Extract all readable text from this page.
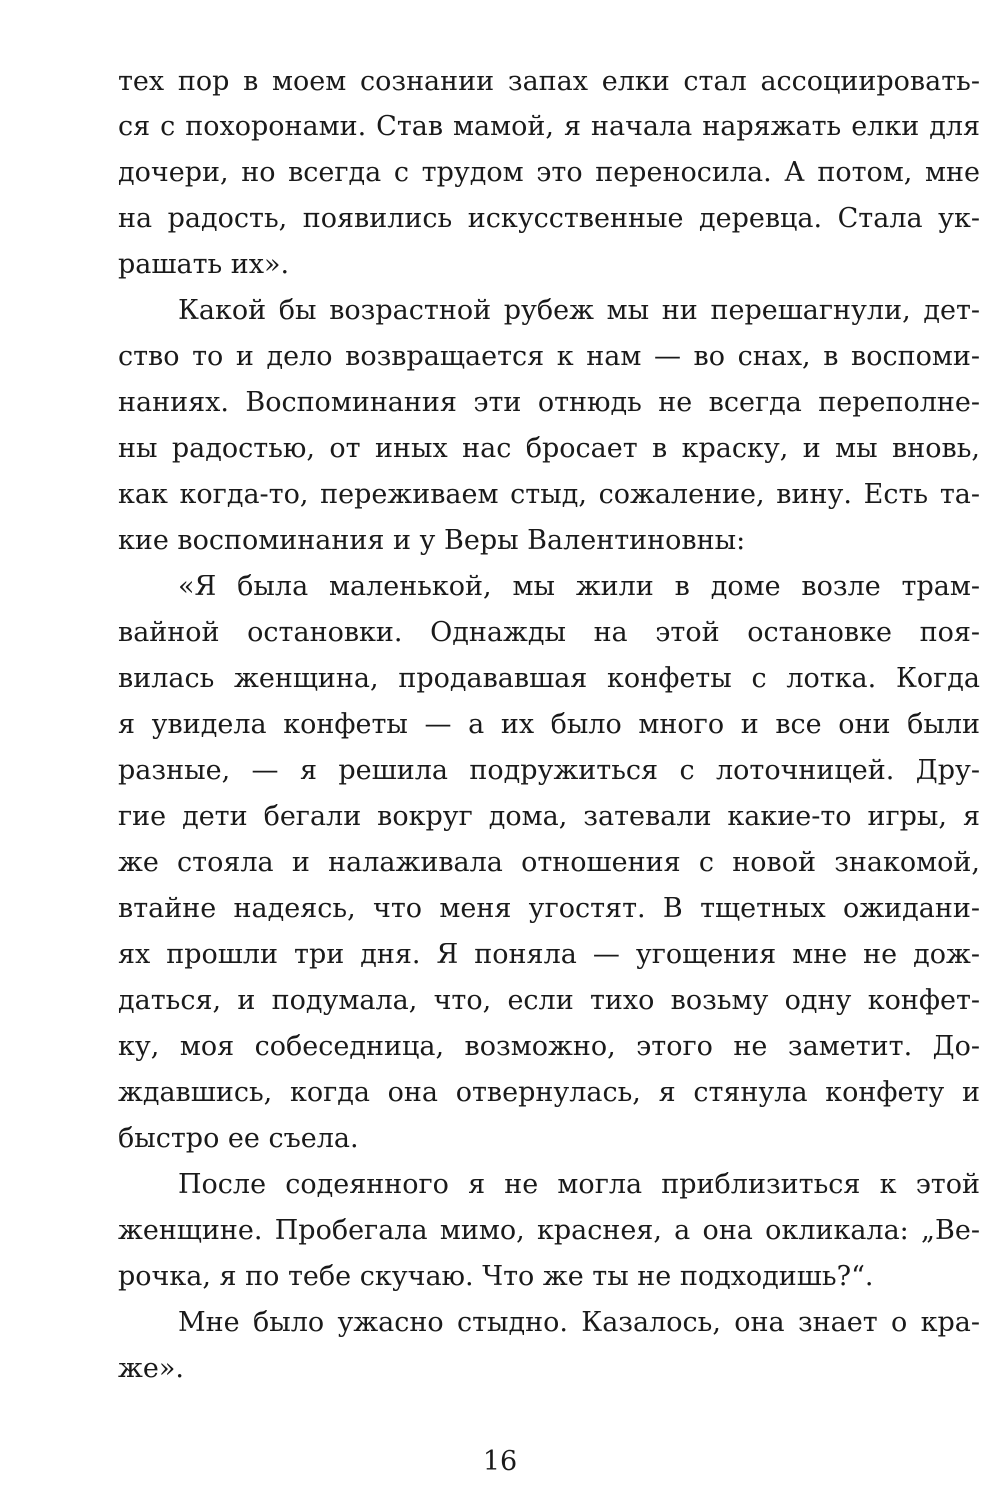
тех пор в моем сознании запах елки стал ассоциировать-
ся с похоронами. Став мамой, я начала наряжать елки для
дочери, но всегда с трудом это переносила. А потом, мне
на радость, появились искусственные деревца. Стала ук-
рашать их».
Какой бы возрастной рубеж мы ни перешагнули, дет-
ство то и дело возвращается к нам — во снах, в воспоми-
наниях. Воспоминания эти отнюдь не всегда переполне-
ны радостью, от иных нас бросает в краску, и мы вновь,
как когда-то, переживаем стыд, сожаление, вину. Есть та-
кие воспоминания и у Веры Валентиновны:
«Я была маленькой, мы жили в доме возле трам-
вайной остановки. Однажды на этой остановке поя-
вилась женщина, продававшая конфеты с лотка. Когда
я увидела конфеты — а их было много и все они были
разные, — я решила подружиться с лоточницей. Дру-
гие дети бегали вокруг дома, затевали какие-то игры, я
же стояла и налаживала отношения с новой знакомой,
втайне надеясь, что меня угостят. В тщетных ожидани-
ях прошли три дня. Я поняла — угощения мне не дож-
даться, и подумала, что, если тихо возьму одну конфет-
ку, моя собеседница, возможно, этого не заметит. До-
ждавшись, когда она отвернулась, я стянула конфету и
быстро ее съела.
После содеянного я не могла приблизиться к этой
женщине. Пробегала мимо, краснея, а она окликала: „Ве-
рочка, я по тебе скучаю. Что же ты не подходишь?“.
Мне было ужасно стыдно. Казалось, она знает о кра-
же».
16
